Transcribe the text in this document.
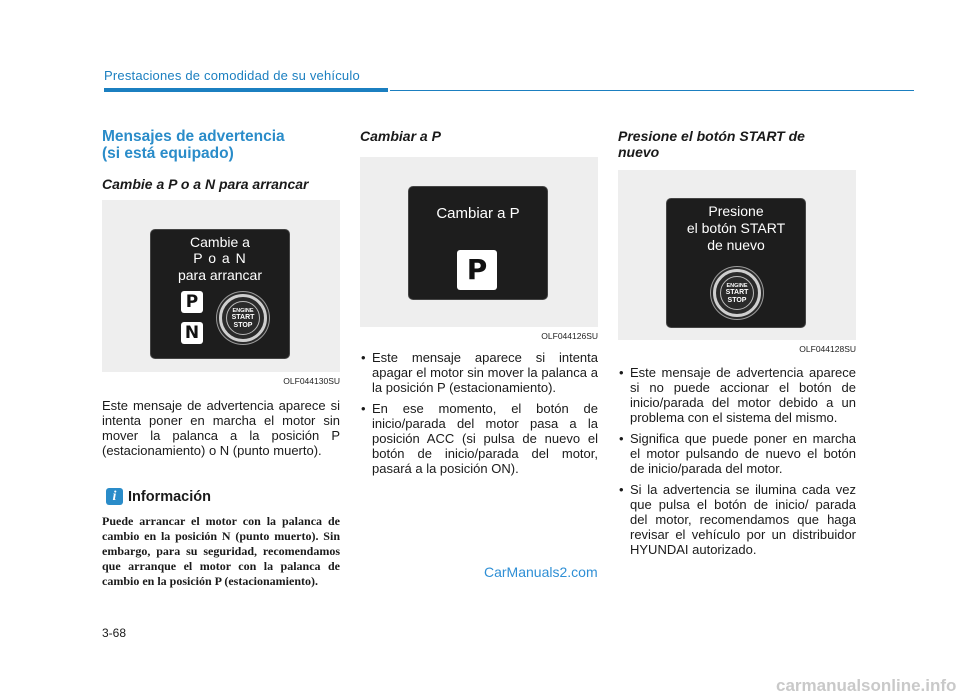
Prestaciones de comodidad de su vehículo

Mensajes de advertencia

(si está equipado)

Cambie a P o a N para arrancar

Cambie a
P o a N
para arrancar
P
N
ENGINE
START
STOP
OLF044130SU

Este mensaje de advertencia aparece si intenta poner en marcha el motor sin mover la palanca a la posición P (estacionamiento) o N (punto muerto).

i Información

Puede arrancar el motor con la palanca de cambio en la posición N (punto muerto). Sin embargo, para su seguridad, recomendamos que arranque el motor con la palanca de cambio en la posición P (estacionamiento).

Cambiar a P

Cambiar a P
P
OLF044126SU
• Este mensaje aparece si intenta apagar el motor sin mover la palanca a la posición P (estacionamiento).
• En ese momento, el botón de inicio/parada del motor pasa a la posición ACC (si pulsa de nuevo el botón de inicio/parada del motor, pasará a la posición ON).

Presione el botón START de

nuevo

Presione
el botón START
de nuevo
ENGINE
START
STOP
OLF044128SU
• Este mensaje de advertencia aparece si no puede accionar el botón de inicio/parada del motor debido a un problema con el sistema del mismo.
• Significa que puede poner en marcha el motor pulsando de nuevo el botón de inicio/parada del motor.
• Si la advertencia se ilumina cada vez que pulsa el botón de inicio/ parada del motor, recomendamos que haga revisar el vehículo por un distribuidor HYUNDAI autorizado.
CarManuals2.com
3-68
carmanualsonline.info
